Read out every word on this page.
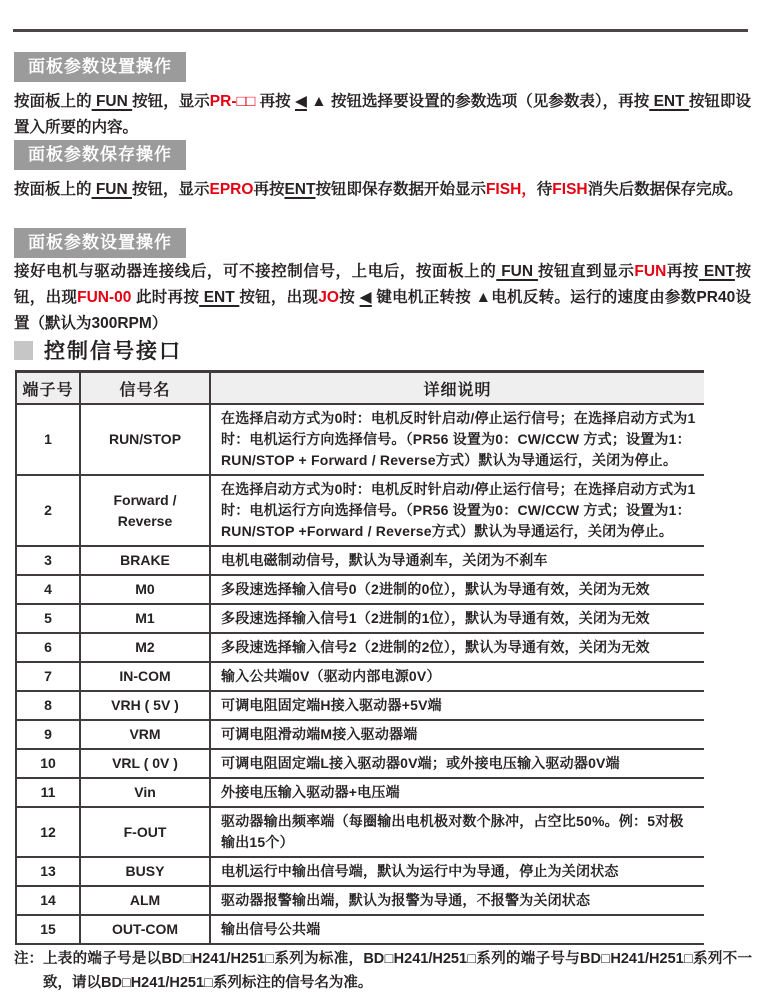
面板参数设置操作
按面板上的 FUN 按钮，显示PR-□□ 再按 ◀ ▲ 按钮选择要设置的参数选项（见参数表），再按 ENT 按钮即设置入所要的内容。
面板参数保存操作
按面板上的 FUN 按钮，显示EPRO再按ENT按钮即保存数据开始显示FISH，待FISH消失后数据保存完成。
面板参数设置操作
接好电机与驱动器连接线后，可不接控制信号，上电后，按面板上的 FUN 按钮直到显示FUN再按 ENT按钮，出现FUN-00 此时再按 ENT 按钮，出现JO按 ◀ 键电机正转按 ▲电机反转。运行的速度由参数PR40设置（默认为300RPM）
控制信号接口
端子号	信号名	详细说明
1	RUN/STOP	在选择启动方式为0时：电机反时针启动/停止运行信号；在选择启动方式为1时：电机运行方向选择信号。（PR56 设置为0：CW/CCW 方式；设置为1：RUN/STOP + Forward / Reverse方式）默认为导通运行，关闭为停止。
2	Forward / Reverse	在选择启动方式为0时：电机反时针启动/停止运行信号；在选择启动方式为1时：电机运行方向选择信号。（PR56 设置为0：CW/CCW 方式；设置为1：RUN/STOP +Forward / Reverse方式）默认为导通运行，关闭为停止。
3	BRAKE	电机电磁制动信号，默认为导通刹车，关闭为不刹车
4	M0	多段速选择输入信号0（2进制的0位），默认为导通有效，关闭为无效
5	M1	多段速选择输入信号1（2进制的1位），默认为导通有效，关闭为无效
6	M2	多段速选择输入信号2（2进制的2位），默认为导通有效，关闭为无效
7	IN-COM	输入公共端0V（驱动内部电源0V）
8	VRH ( 5V )	可调电阻固定端H接入驱动器+5V端
9	VRM	可调电阻滑动端M接入驱动器端
10	VRL ( 0V )	可调电阻固定端L接入驱动器0V端；或外接电压输入驱动器0V端
11	Vin	外接电压输入驱动器+电压端
12	F-OUT	驱动器输出频率端（每圈输出电机极对数个脉冲，占空比50%。例：5对极输出15个）
13	BUSY	电机运行中输出信号端，默认为运行中为导通，停止为关闭状态
14	ALM	驱动器报警输出端，默认为报警为导通，不报警为关闭状态
15	OUT-COM	输出信号公共端
注： 上表的端子号是以BD□H241/H251□系列为标准，BD□H241/H251□系列的端子号与BD□H241/H251□系列不一致，请以BD□H241/H251□系列标注的信号名为准。
